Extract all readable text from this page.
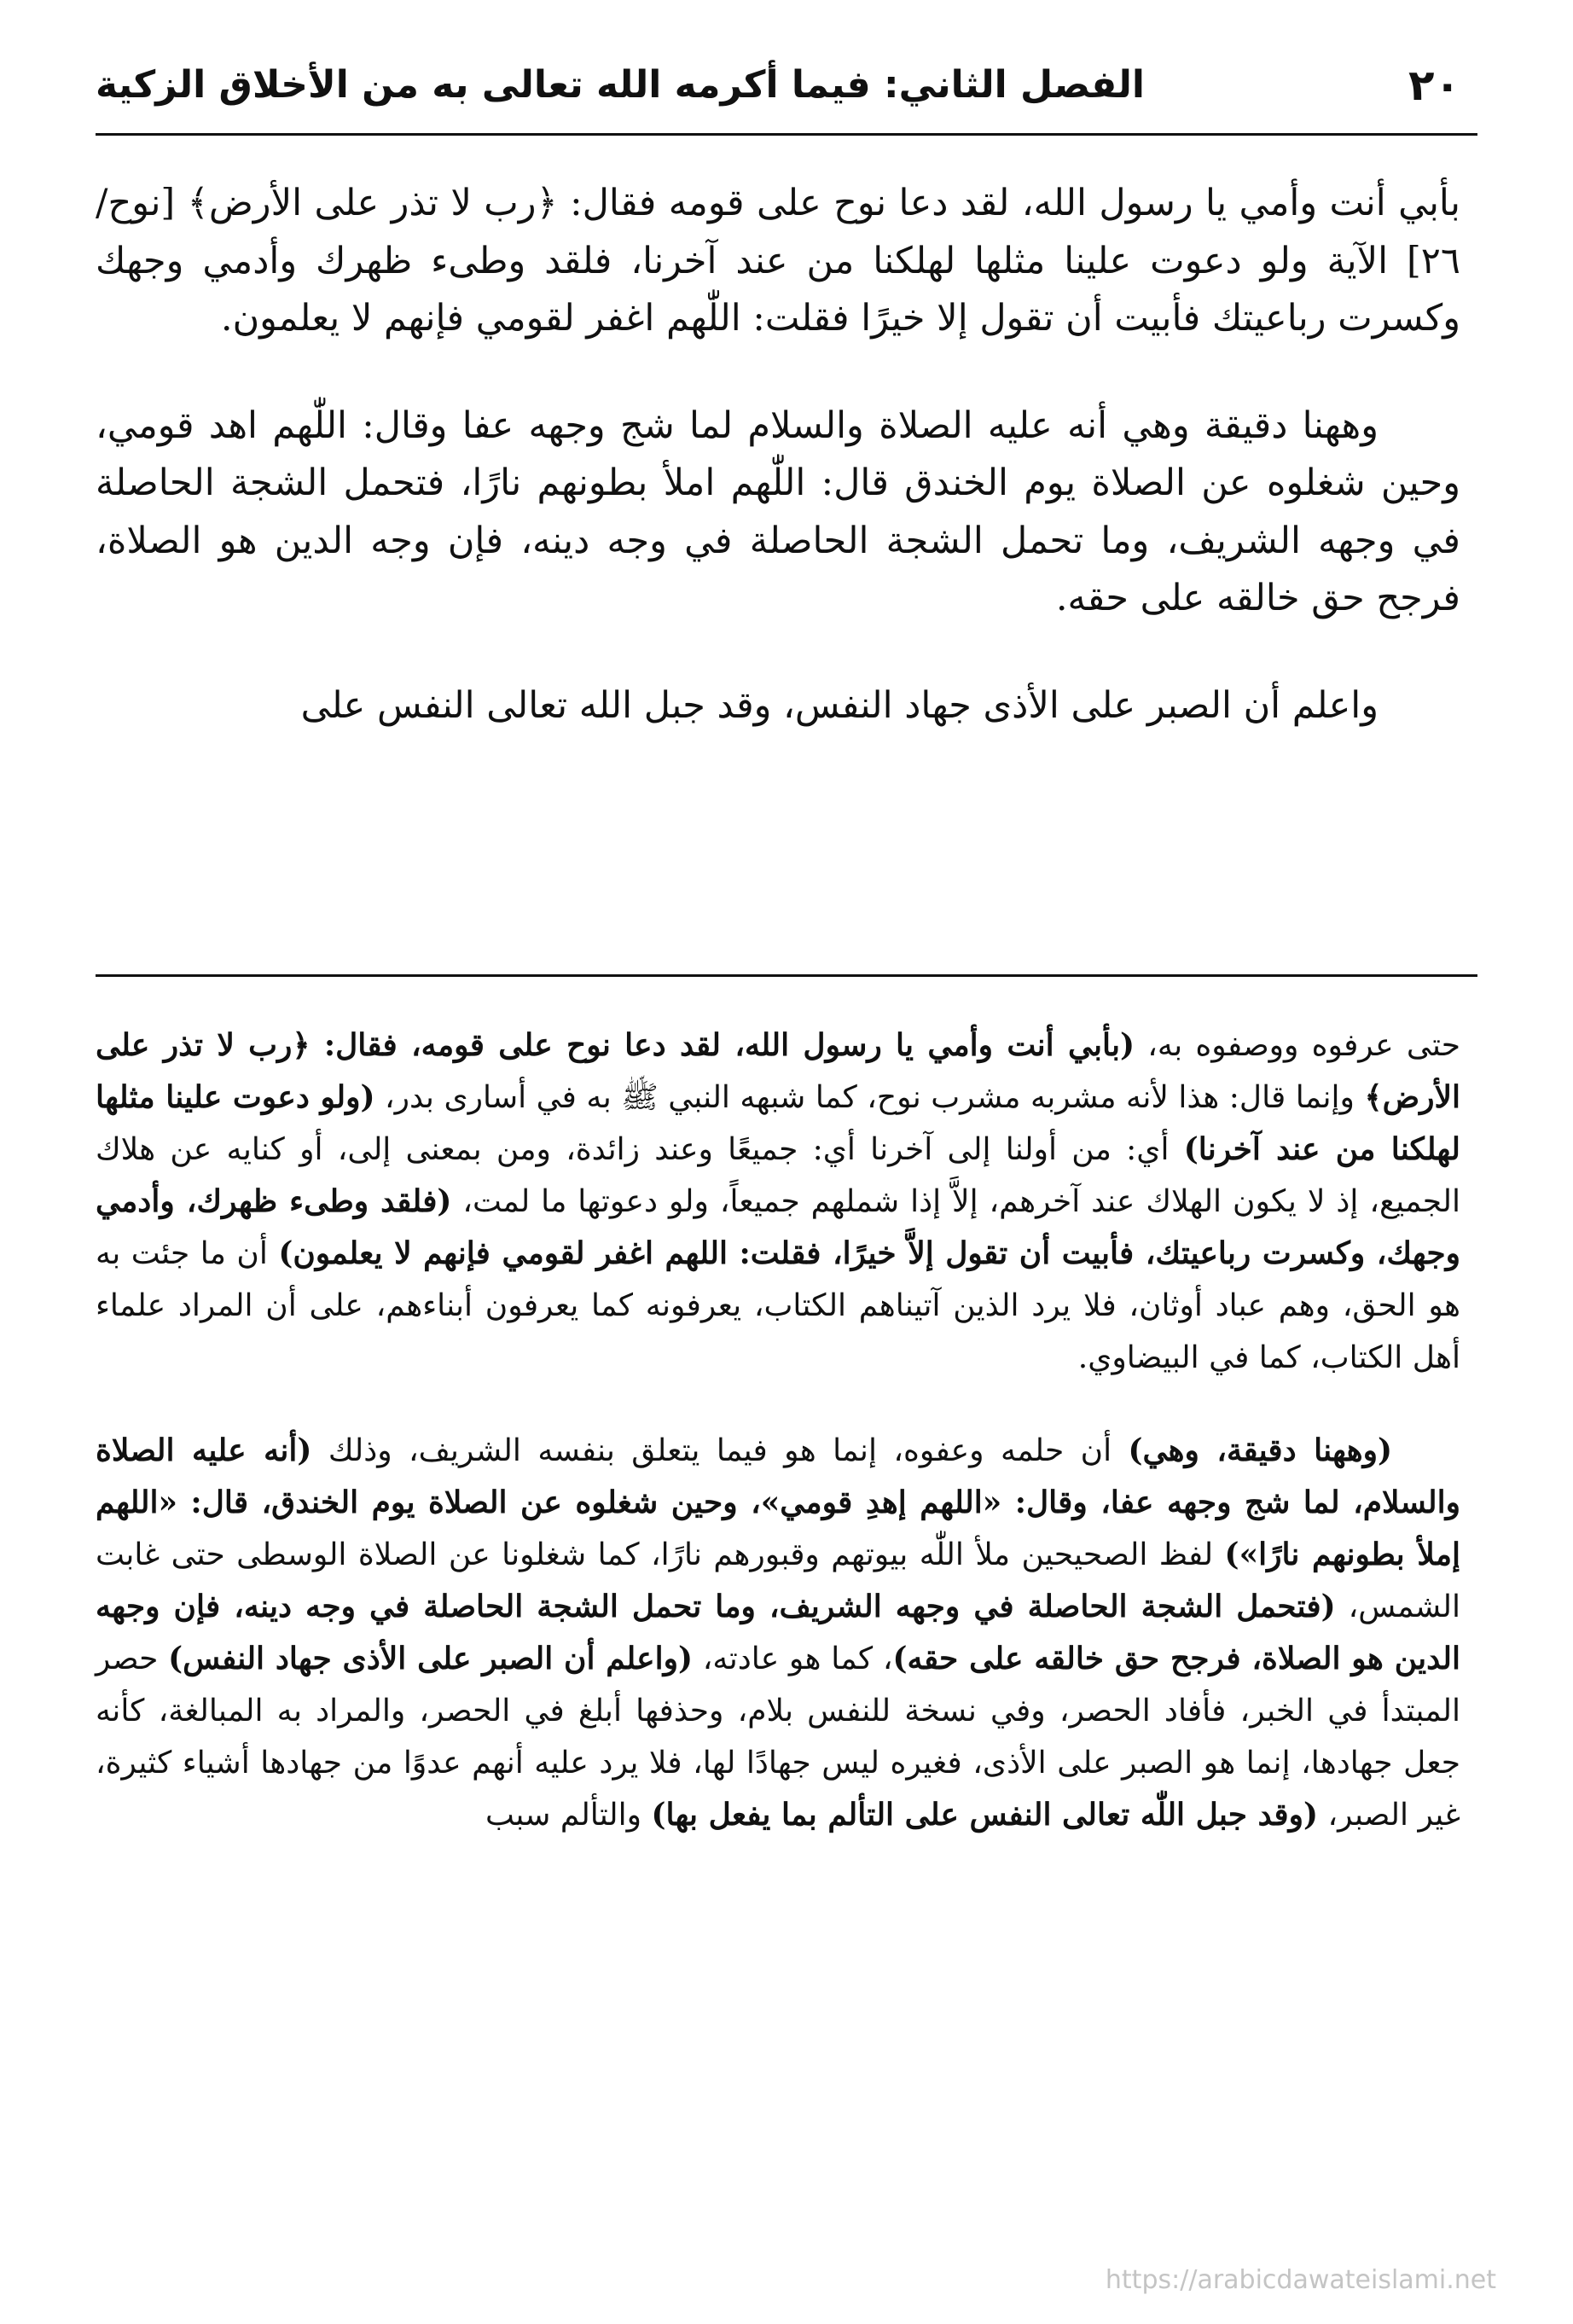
٢٠
الفصل الثاني: فيما أكرمه الله تعالى به من الأخلاق الزكية

بأبي أنت وأمي يا رسول الله، لقد دعا نوح على قومه فقال: ﴿رب لا تذر على الأرض﴾ [نوح/ ٢٦] الآية ولو دعوت علينا مثلها لهلكنا من عند آخرنا، فلقد وطىء ظهرك وأدمي وجهك وكسرت رباعيتك فأبيت أن تقول إلا خيرًا فقلت: اللّٰهم اغفر لقومي فإنهم لا يعلمون.

وههنا دقيقة وهي أنه عليه الصلاة والسلام لما شج وجهه عفا وقال: اللّٰهم اهد قومي، وحين شغلوه عن الصلاة يوم الخندق قال: اللّٰهم املأ بطونهم نارًا، فتحمل الشجة الحاصلة في وجهه الشريف، وما تحمل الشجة الحاصلة في وجه دينه، فإن وجه الدين هو الصلاة، فرجح حق خالقه على حقه.

واعلم أن الصبر على الأذى جهاد النفس، وقد جبل الله تعالى النفس على

حتى عرفوه ووصفوه به، (بأبي أنت وأمي يا رسول الله، لقد دعا نوح على قومه، فقال: ﴿رب لا تذر على الأرض﴾ وإنما قال: هذا لأنه مشربه مشرب نوح، كما شبهه النبي ﷺ به في أسارى بدر، (ولو دعوت علينا مثلها لهلكنا من عند آخرنا) أي: من أولنا إلى آخرنا أي: جميعًا وعند زائدة، ومن بمعنى إلى، أو كنايه عن هلاك الجميع، إذ لا يكون الهلاك عند آخرهم، إلاَّ إذا شملهم جميعاً، ولو دعوتها ما لمت، (فلقد وطىء ظهرك، وأدمي وجهك، وكسرت رباعيتك، فأبيت أن تقول إلاَّ خيرًا، فقلت: اللهم اغفر لقومي فإنهم لا يعلمون) أن ما جئت به هو الحق، وهم عباد أوثان، فلا يرد الذين آتيناهم الكتاب، يعرفونه كما يعرفون أبناءهم، على أن المراد علماء أهل الكتاب، كما في البيضاوي.

(وههنا دقيقة، وهي) أن حلمه وعفوه، إنما هو فيما يتعلق بنفسه الشريف، وذلك (أنه عليه الصلاة والسلام، لما شج وجهه عفا، وقال: «اللهم إهدِ قومي»، وحين شغلوه عن الصلاة يوم الخندق، قال: «اللهم إملأ بطونهم نارًا») لفظ الصحيحين ملأ اللّٰه بيوتهم وقبورهم نارًا، كما شغلونا عن الصلاة الوسطى حتى غابت الشمس، (فتحمل الشجة الحاصلة في وجهه الشريف، وما تحمل الشجة الحاصلة في وجه دينه، فإن وجهه الدين هو الصلاة، فرجح حق خالقه على حقه)، كما هو عادته، (واعلم أن الصبر على الأذى جهاد النفس) حصر المبتدأ في الخبر، فأفاد الحصر، وفي نسخة للنفس بلام، وحذفها أبلغ في الحصر، والمراد به المبالغة، كأنه جعل جهادها، إنما هو الصبر على الأذى، فغيره ليس جهادًا لها، فلا يرد عليه أنهم عدوًا من جهادها أشياء كثيرة، غير الصبر، (وقد جبل اللّٰه تعالى النفس على التألم بما يفعل بها) والتألم سبب

https://arabicdawateislami.net
